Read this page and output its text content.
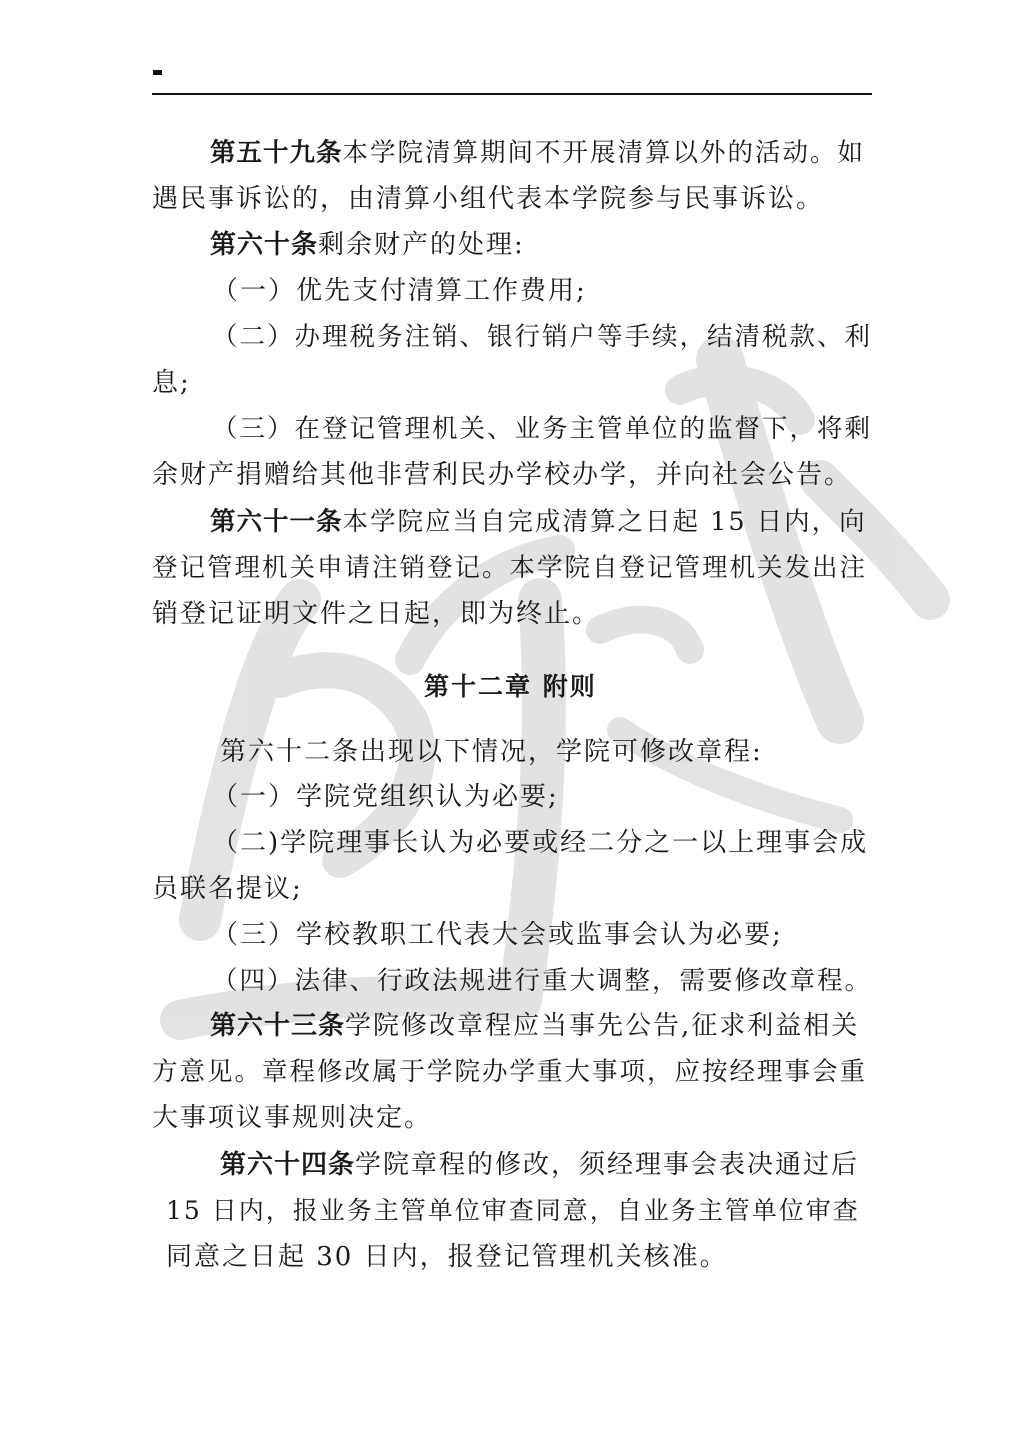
第五十九条本学院清算期间不开展清算以外的活动。如
遇民事诉讼的，由清算小组代表本学院参与民事诉讼。
第六十条剩余财产的处理:
（一）优先支付清算工作费用;
（二）办理税务注销、银行销户等手续，结清税款、利
息;
（三）在登记管理机关、业务主管单位的监督下，将剩
余财产捐赠给其他非营利民办学校办学，并向社会公告。
第六十一条本学院应当自完成清算之日起 15 日内，向
登记管理机关申请注销登记。本学院自登记管理机关发出注
销登记证明文件之日起，即为终止。
第十二章 附则
第六十二条出现以下情况，学院可修改章程:
（一）学院党组织认为必要;
（二)学院理事长认为必要或经二分之一以上理事会成
员联名提议;
（三）学校教职工代表大会或监事会认为必要;
（四）法律、行政法规进行重大调整，需要修改章程。
第六十三条学院修改章程应当事先公告,征求利益相关
方意见。章程修改属于学院办学重大事项，应按经理事会重
大事项议事规则决定。
第六十四条学院章程的修改，须经理事会表决通过后
15 日内，报业务主管单位审查同意，自业务主管单位审查
同意之日起 30 日内，报登记管理机关核准。
